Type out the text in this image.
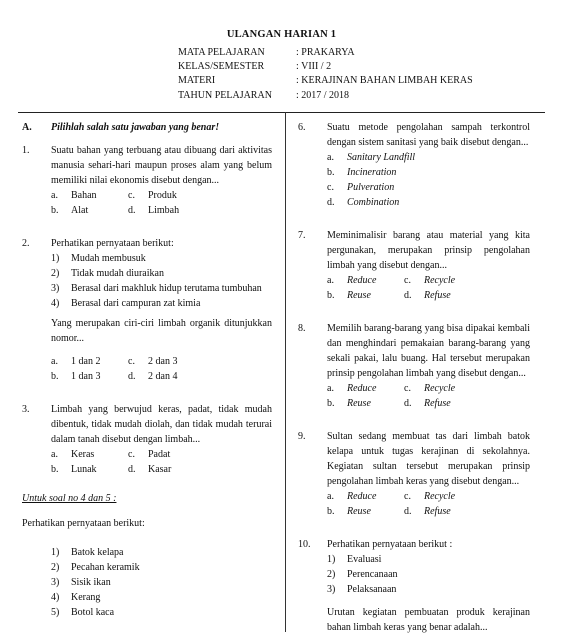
ULANGAN HARIAN 1
MATA PELAJARAN	: PRAKARYA
KELAS/SEMESTER	: VIII / 2
MATERI	: KERAJINAN BAHAN LIMBAH KERAS
TAHUN PELAJARAN	: 2017 / 2018
A.	Pilihlah salah satu jawaban yang benar!
1.	Suatu bahan yang terbuang atau dibuang dari aktivitas manusia sehari-hari maupun proses alam yang belum memiliki nilai ekonomis disebut dengan...
a.	Bahan	c.	Produk
b.	Alat	d.	Limbah
2.	Perhatikan pernyataan berikut:
1)	Mudah membusuk
2)	Tidak mudah diuraikan
3)	Berasal dari makhluk hidup terutama tumbuhan
4)	Berasal dari campuran zat kimia
Yang merupakan ciri-ciri limbah organik ditunjukkan nomor...
a.	1 dan 2	c.	2 dan 3
b.	1 dan 3	d.	2 dan 4
3.	Limbah yang berwujud keras, padat, tidak mudah dibentuk, tidak mudah diolah, dan tidak mudah terurai dalam tanah disebut dengan limbah...
a.	Keras	c.	Padat
b.	Lunak	d.	Kasar
Untuk soal no 4 dan 5 :
Perhatikan pernyataan berikut:
1)	Batok kelapa
2)	Pecahan keramik
3)	Sisik ikan
4)	Kerang
5)	Botol kaca
6.	Suatu metode pengolahan sampah terkontrol dengan sistem sanitasi yang baik disebut dengan...
a.	Sanitary Landfill
b.	Incineration
c.	Pulveration
d.	Combination
7.	Meminimalisir barang atau material yang kita pergunakan, merupakan prinsip pengolahan limbah yang disebut dengan...
a.	Reduce	c.	Recycle
b.	Reuse	d.	Refuse
8.	Memilih barang-barang yang bisa dipakai kembali dan menghindari pemakaian barang-barang yang sekali pakai, lalu buang. Hal tersebut merupakan prinsip pengolahan limbah yang disebut dengan...
a.	Reduce	c.	Recycle
b.	Reuse	d.	Refuse
9.	Sultan sedang membuat tas dari limbah batok kelapa untuk tugas kerajinan di sekolahnya. Kegiatan sultan tersebut merupakan prinsip pengolahan limbah keras yang disebut dengan...
a.	Reduce	c.	Recycle
b.	Reuse	d.	Refuse
10.	Perhatikan pernyataan berikut :
1)	Evaluasi
2)	Perencanaan
3)	Pelaksanaan
Urutan kegiatan pembuatan produk kerajinan bahan limbah keras yang benar adalah...
